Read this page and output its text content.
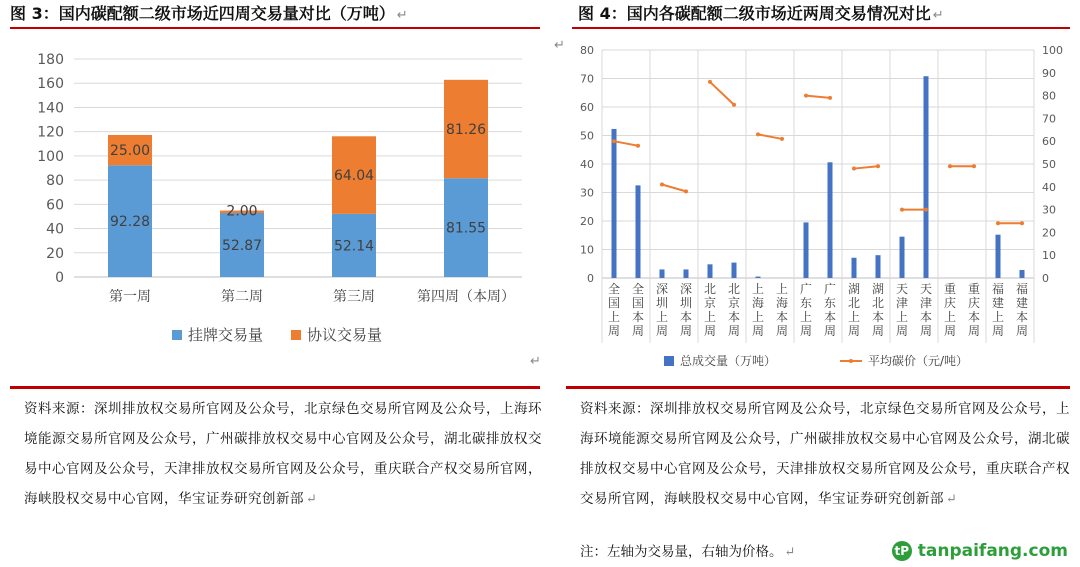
图 3：国内碳配额二级市场近四周交易量对比（万吨） ↵	图 4：国内各碳配额二级市场近两周交易情况对比 ↵
↵
↵
0
20
40
60
80
100
120
140
160
180
92.28
25.00
第一周
52.87
2.00
第二周
52.14
64.04
第三周
81.55
81.26
第四周（本周）
挂牌交易量	协议交易量
0
10
20
30
40
50
60
70
80
0
10
20
30
40
50
60
70
80
90
100
全
国
上
周
全
国
本
周
深
圳
上
周
深
圳
本
周
北
京
上
周
北
京
本
周
上
海
上
周
上
海
本
周
广
东
上
周
广
东
本
周
湖
北
上
周
湖
北
本
周
天
津
上
周
天
津
本
周
重
庆
上
周
重
庆
本
周
福
建
上
周
福
建
本
周
总成交量（万吨）	平均碳价（元/吨）
资料来源：深圳排放权交易所官网及公众号，北京绿色交易所官网及公众号，上海环境能源交易所官网及公众号，广州碳排放权交易中心官网及公众号，湖北碳排放权交易中心官网及公众号，天津排放权交易所官网及公众号，重庆联合产权交易所官网，海峡股权交易中心官网，华宝证券研究创新部 ↵
资料来源：深圳排放权交易所官网及公众号，北京绿色交易所官网及公众号，上海环境能源交易所官网及公众号，广州碳排放权交易中心官网及公众号，湖北碳排放权交易中心官网及公众号，天津排放权交易所官网及公众号，重庆联合产权交易所官网，海峡股权交易中心官网，华宝证券研究创新部 ↵
注：左轴为交易量，右轴为价格。 ↵	tP tanpaifang.com
